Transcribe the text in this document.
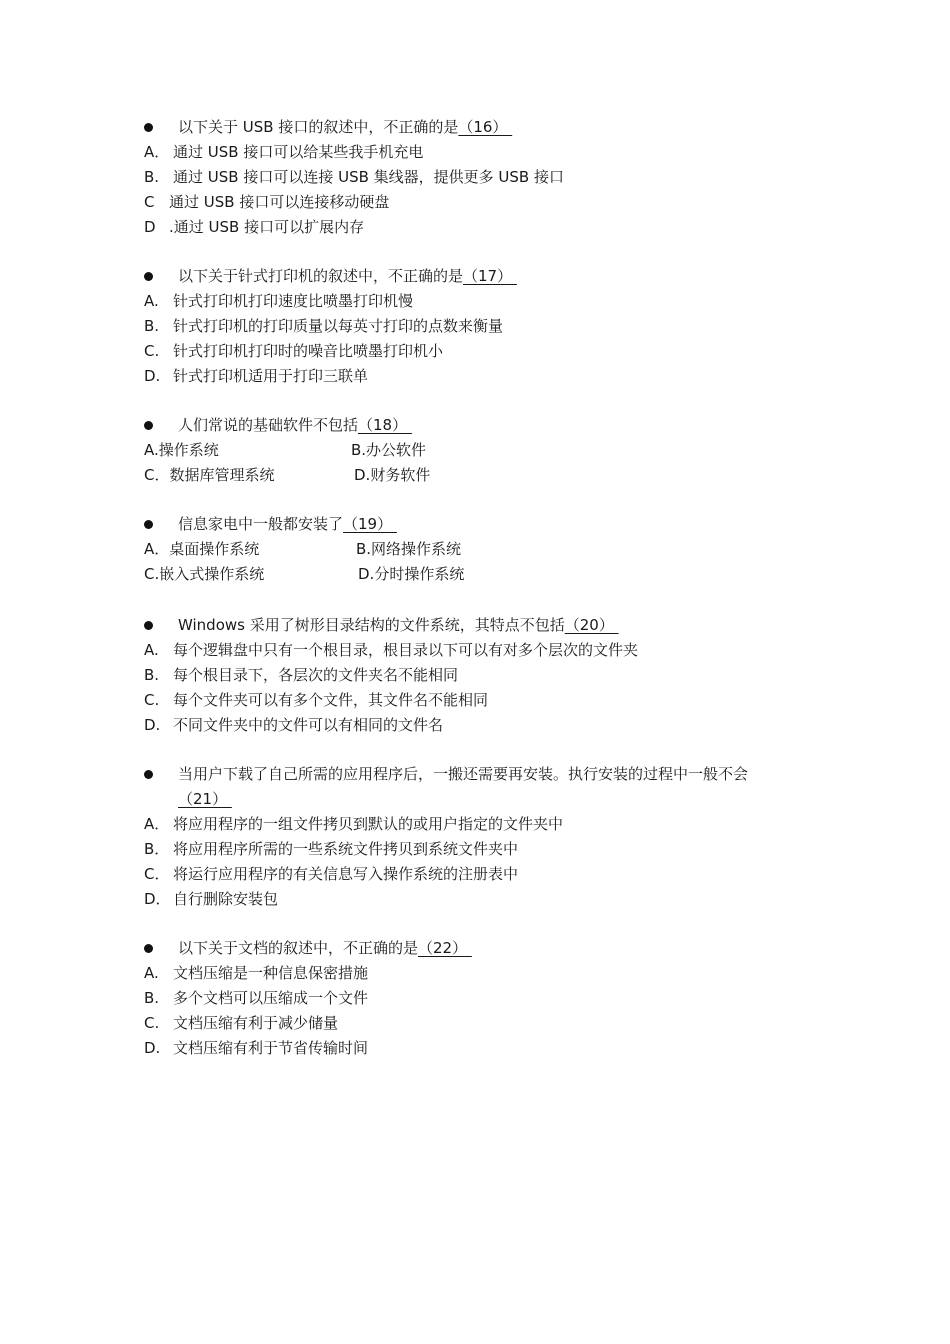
以下关于 USB 接口的叙述中，不正确的是（16）
A． 通过 USB 接口可以给某些我手机充电
B. 通过 USB 接口可以连接 USB 集线器，提供更多 USB 接口
C 通过 USB 接口可以连接移动硬盘
D .通过 USB 接口可以扩展内存
以下关于针式打印机的叙述中，不正确的是（17）
A. 针式打印机打印速度比喷墨打印机慢
B. 针式打印机的打印质量以每英寸打印的点数来衡量
C. 针式打印机打印时的噪音比喷墨打印机小
D. 针式打印机适用于打印三联单
人们常说的基础软件不包括（18）
A.操作系统	B.办公软件
C．数据库管理系统	D.财务软件
信息家电中一般都安装了（19）
A．桌面操作系统	B.网络操作系统
C.嵌入式操作系统	D.分时操作系统
Windows 采用了树形目录结构的文件系统，其特点不包括（20）
A. 每个逻辑盘中只有一个根目录，根目录以下可以有对多个层次的文件夹
B. 每个根目录下，各层次的文件夹名不能相同
C. 每个文件夹可以有多个文件，其文件名不能相同
D. 不同文件夹中的文件可以有相同的文件名
当用户下载了自己所需的应用程序后，一搬还需要再安装。执行安装的过程中一般不会
（21）
A． 将应用程序的一组文件拷贝到默认的或用户指定的文件夹中
B． 将应用程序所需的一些系统文件拷贝到系统文件夹中
C． 将运行应用程序的有关信息写入操作系统的注册表中
D． 自行删除安装包
以下关于文档的叙述中，不正确的是（22）
A. 文档压缩是一种信息保密措施
B. 多个文档可以压缩成一个文件
C. 文档压缩有利于减少储量
D. 文档压缩有利于节省传输时间
